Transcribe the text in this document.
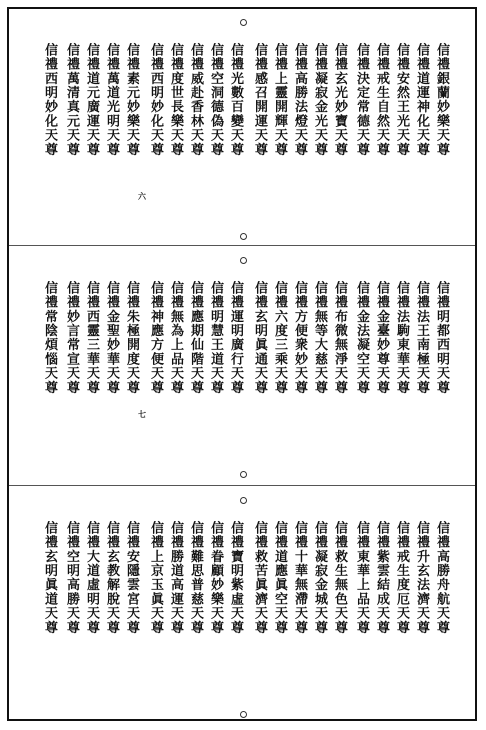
信禮銀蘭妙樂天尊
信禮道運神化天尊
信禮安然王光天尊
信禮戒生自然天尊
信禮決定常德天尊
信禮玄光妙寶天尊
信禮凝寂金光天尊
信禮高勝法燈天尊
信禮上靈開輝天尊
信禮感召開運天尊
信禮光數百變天尊
信禮空洞德偽天尊
信禮威赴香林天尊
信禮度世長樂天尊
信禮西明妙化天尊
信禮素元妙樂天尊
信禮萬道光明天尊
信禮道元廣運天尊
信禮萬清真元天尊
信禮西明妙化天尊
六
信禮明都西明天尊
信禮法王南極天尊
信禮法駒東華天尊
信禮金臺妙尊天尊
信禮金法凝空天尊
信禮布微無淨天尊
信禮無等大慈天尊
信禮方便衆妙天尊
信禮六度三乘天尊
信禮玄明眞通天尊
信禮運明廣行天尊
信禮明慧王道天尊
信禮應期仙階天尊
信禮無為上品天尊
信禮神應方便天尊
信禮朱極開度天尊
信禮金聖妙華天尊
信禮西靈三華天尊
信禮妙言常宣天尊
信禮常陰煩惱天尊
七
信禮高勝舟航天尊
信禮升玄法濟天尊
信禮戒生度厄天尊
信禮紫雲結成天尊
信禮東華上品天尊
信禮救生無色天尊
信禮凝寂金城天尊
信禮十華無滯天尊
信禮道應眞空天尊
信禮救苦眞濟天尊
信禮寶明紫虛天尊
信禮眷顧妙樂天尊
信禮難思普慈天尊
信禮勝道高運天尊
信禮上京玉眞天尊
信禮安隱雲宮天尊
信禮玄教解脫天尊
信禮大道虛明天尊
信禮空明高勝天尊
信禮玄明眞道天尊
